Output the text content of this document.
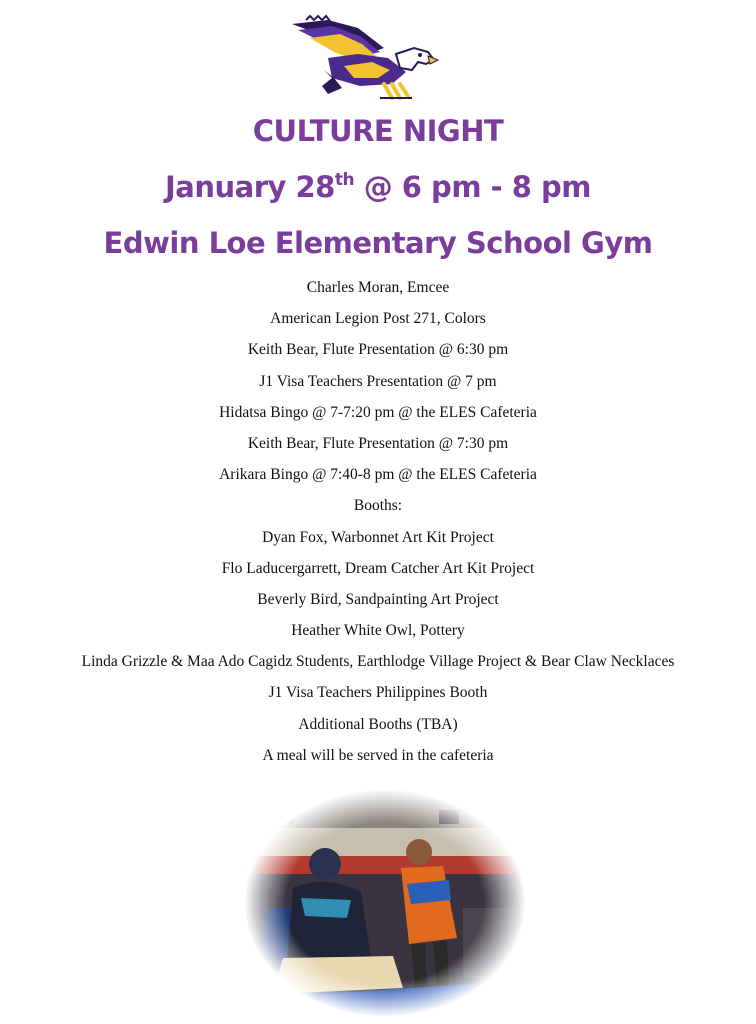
CULTURE NIGHT
January 28th @ 6 pm - 8 pm
Edwin Loe Elementary School Gym
Charles Moran, Emcee
American Legion Post 271, Colors
Keith Bear, Flute Presentation @ 6:30 pm
J1 Visa Teachers Presentation @ 7 pm
Hidatsa Bingo @ 7-7:20 pm @ the ELES Cafeteria
Keith Bear, Flute Presentation @ 7:30 pm
Arikara Bingo @ 7:40-8 pm @ the ELES Cafeteria
Booths:
Dyan Fox, Warbonnet Art Kit Project
Flo Laducergarrett, Dream Catcher Art Kit Project
Beverly Bird, Sandpainting Art Project
Heather White Owl, Pottery
Linda Grizzle & Maa Ado Cagidz Students, Earthlodge Village Project & Bear Claw Necklaces
J1 Visa Teachers Philippines Booth
Additional Booths (TBA)
A meal will be served in the cafeteria
